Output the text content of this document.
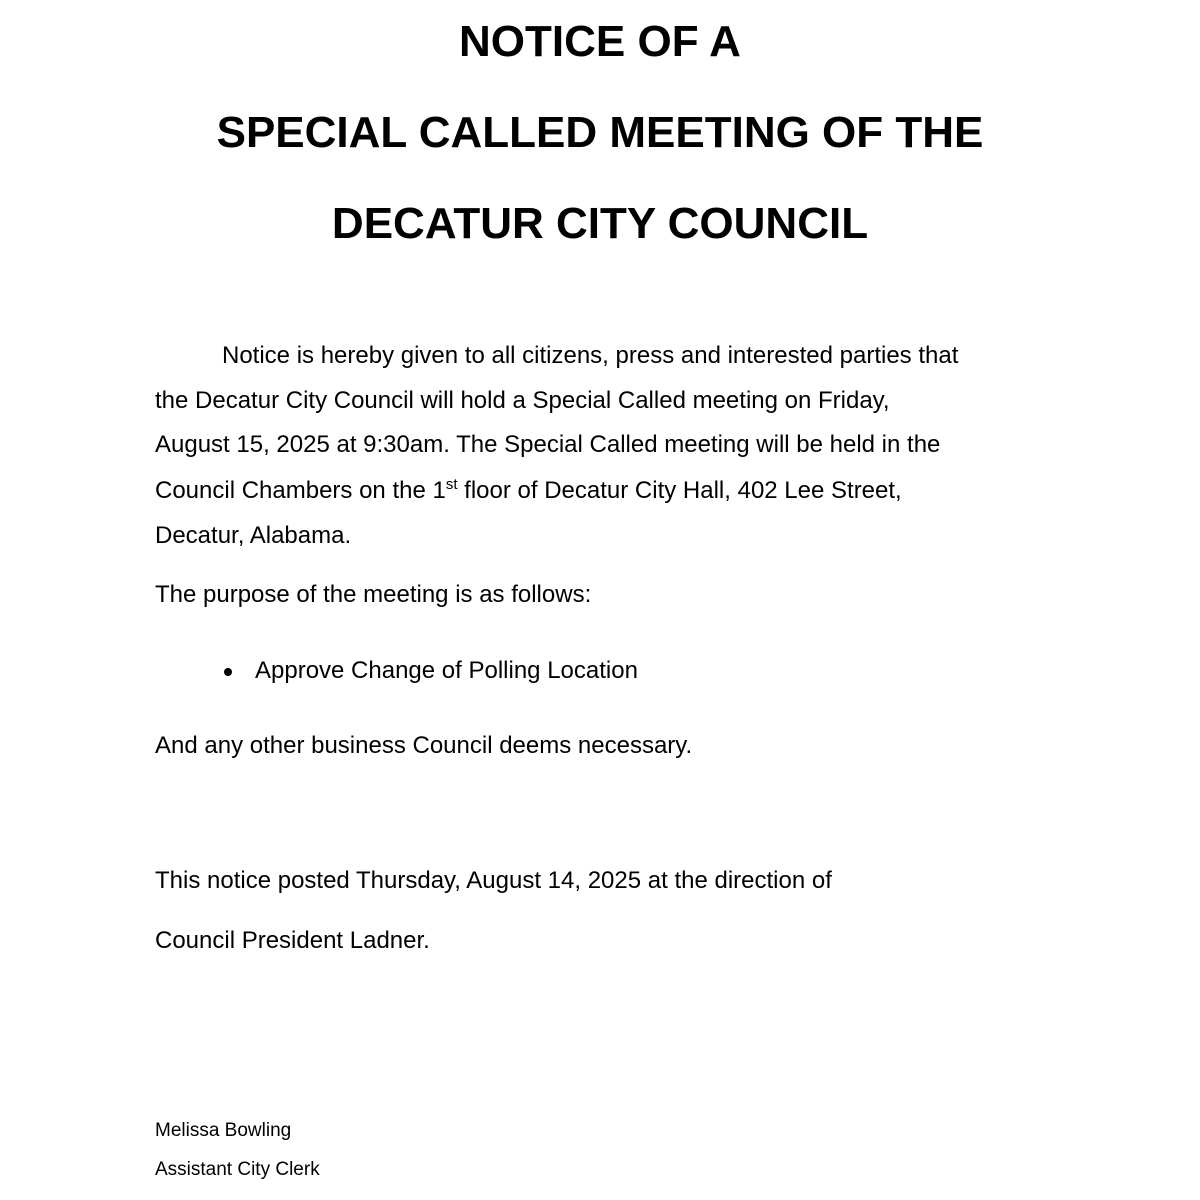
NOTICE OF A
SPECIAL CALLED MEETING OF THE
DECATUR CITY COUNCIL

Notice is hereby given to all citizens, press and interested parties that

the Decatur City Council will hold a Special Called meeting on Friday,

August 15, 2025 at 9:30am. The Special Called meeting will be held in the

Council Chambers on the 1st floor of Decatur City Hall, 402 Lee Street,

Decatur, Alabama.

The purpose of the meeting is as follows:

Approve Change of Polling Location

And any other business Council deems necessary.

This notice posted Thursday, August 14, 2025 at the direction of

Council President Ladner.

Melissa Bowling
Assistant City Clerk
